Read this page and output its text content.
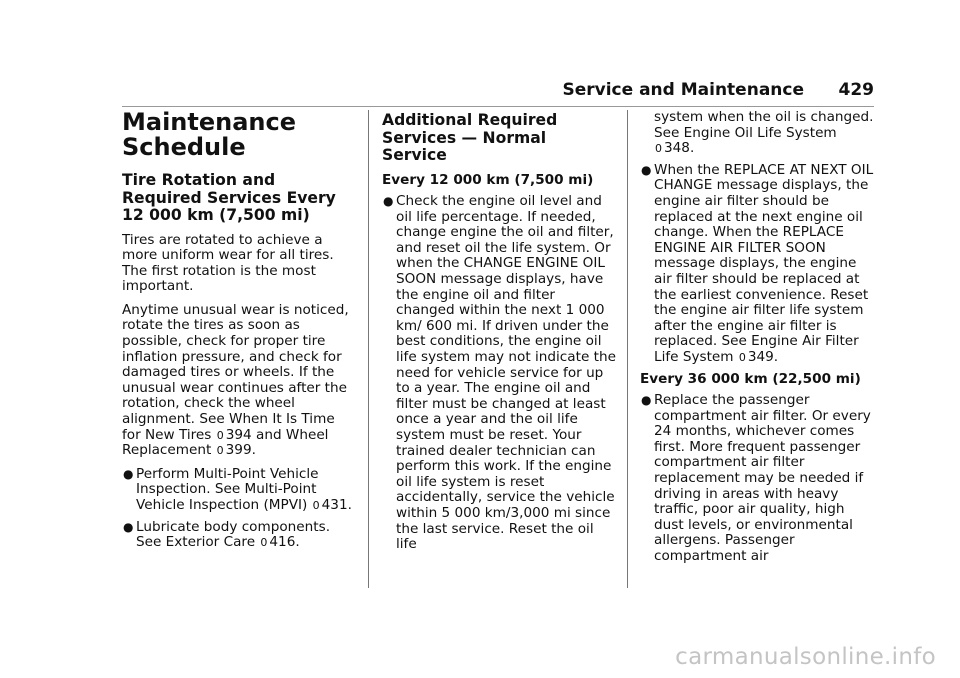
Service and Maintenance 429
Maintenance Schedule
Tire Rotation and Required Services Every 12 000 km (7,500 mi)

Tires are rotated to achieve a more uniform wear for all tires. The first rotation is the most important.

Anytime unusual wear is noticed, rotate the tires as soon as possible, check for proper tire inflation pressure, and check for damaged tires or wheels. If the unusual wear continues after the rotation, check the wheel alignment. See When It Is Time for New Tires 0 394 and Wheel Replacement 0 399.

● Perform Multi-Point Vehicle Inspection. See Multi-Point Vehicle Inspection (MPVI) 0 431.
● Lubricate body components. See Exterior Care 0 416.
Additional Required Services — Normal Service
Every 12 000 km (7,500 mi)
● Check the engine oil level and oil life percentage. If needed, change engine the oil and filter, and reset oil the life system. Or when the CHANGE ENGINE OIL SOON message displays, have the engine oil and filter changed within the next 1 000 km/ 600 mi. If driven under the best conditions, the engine oil life system may not indicate the need for vehicle service for up to a year. The engine oil and filter must be changed at least once a year and the oil life system must be reset. Your trained dealer technician can perform this work. If the engine oil life system is reset accidentally, service the vehicle within 5 000 km/3,000 mi since the last service. Reset the oil life
system when the oil is changed. See Engine Oil Life System 0 348.
● When the REPLACE AT NEXT OIL CHANGE message displays, the engine air filter should be replaced at the next engine oil change. When the REPLACE ENGINE AIR FILTER SOON message displays, the engine air filter should be replaced at the earliest convenience. Reset the engine air filter life system after the engine air filter is replaced. See Engine Air Filter Life System 0 349.
Every 36 000 km (22,500 mi)
● Replace the passenger compartment air filter. Or every 24 months, whichever comes first. More frequent passenger compartment air filter replacement may be needed if driving in areas with heavy traffic, poor air quality, high dust levels, or environmental allergens. Passenger compartment air
carmanualsonline.info
